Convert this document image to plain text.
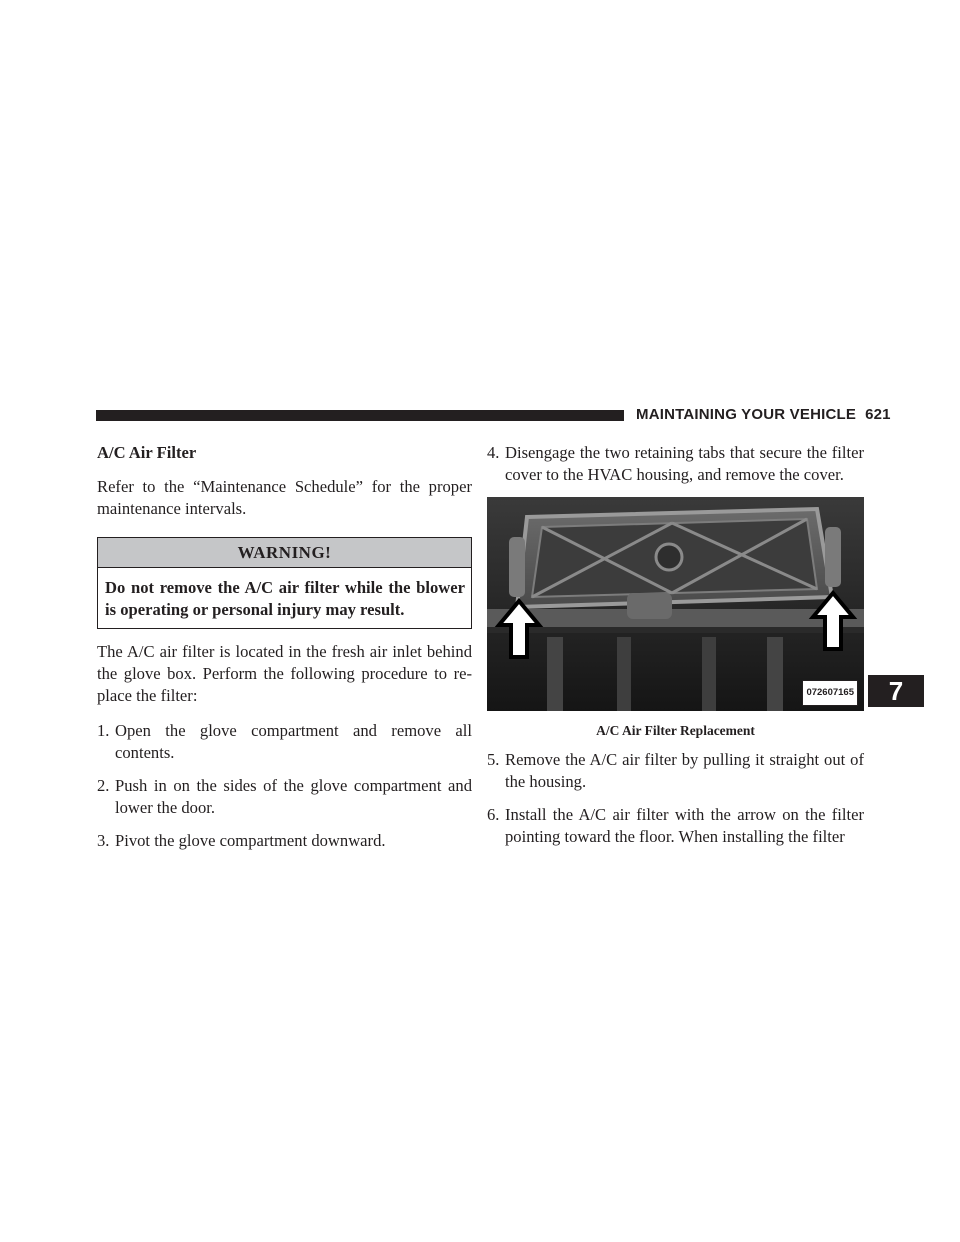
MAINTAINING YOUR VEHICLE 621
A/C Air Filter

Refer to the “Maintenance Schedule” for the proper maintenance intervals.

WARNING!
Do not remove the A/C air filter while the blower is operating or personal injury may result.

The A/C air filter is located in the fresh air inlet behind the glove box. Perform the following procedure to re-place the filter:

1. Open the glove compartment and remove all contents.
2. Push in on the sides of the glove compartment and lower the door.
3. Pivot the glove compartment downward.
4. Disengage the two retaining tabs that secure the filter cover to the HVAC housing, and remove the cover.
072607165
A/C Air Filter Replacement
5. Remove the A/C air filter by pulling it straight out of the housing.
6. Install the A/C air filter with the arrow on the filter pointing toward the floor. When installing the filter
7
